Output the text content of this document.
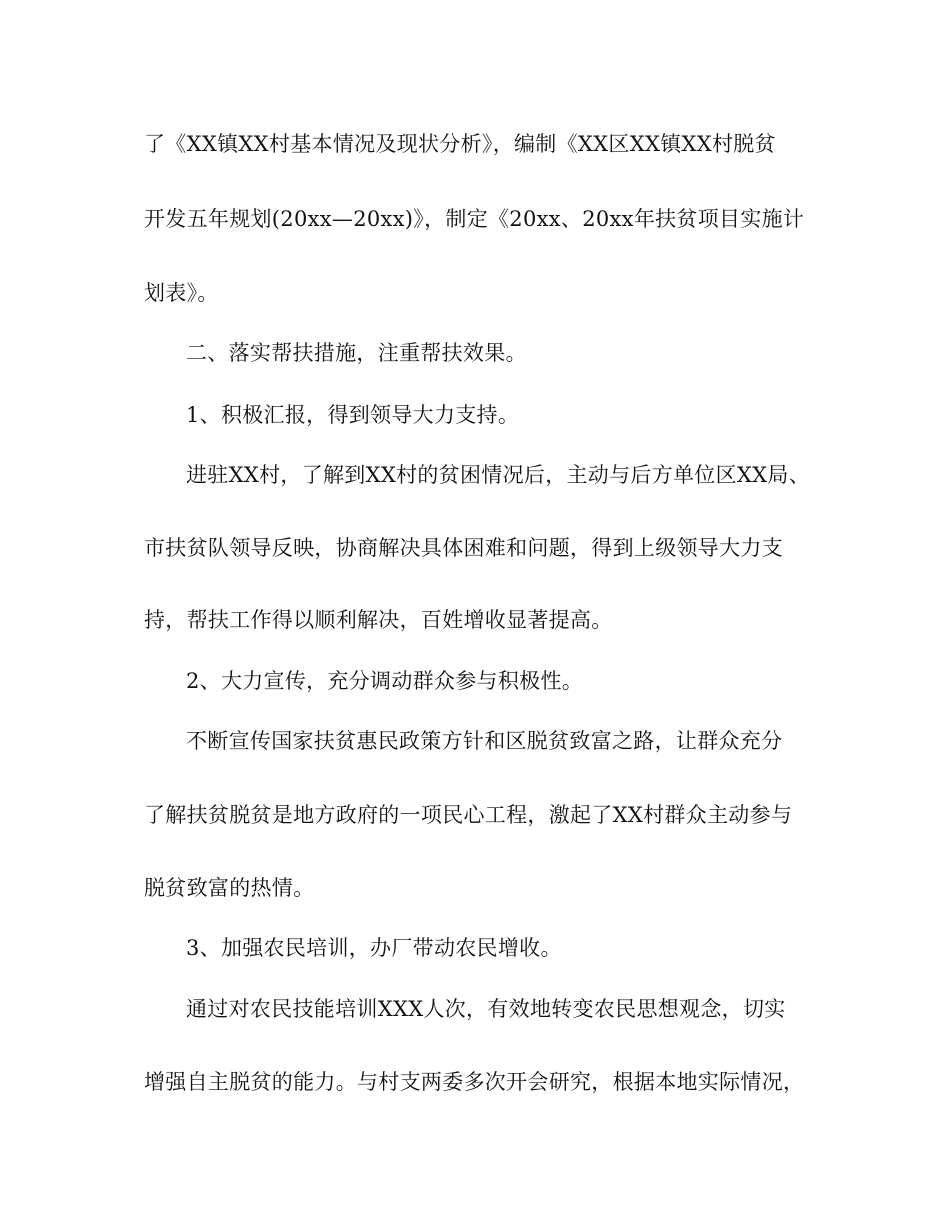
了《XX镇XX村基本情况及现状分析》，编制《XX区XX镇XX村脱贫
开发五年规划(20xx—20xx)》，制定《20xx、20xx年扶贫项目实施计
划表》。
二、落实帮扶措施，注重帮扶效果。
1、积极汇报，得到领导大力支持。
进驻XX村，了解到XX村的贫困情况后，主动与后方单位区XX局、
市扶贫队领导反映，协商解决具体困难和问题，得到上级领导大力支
持，帮扶工作得以顺利解决，百姓增收显著提高。
2、大力宣传，充分调动群众参与积极性。
不断宣传国家扶贫惠民政策方针和区脱贫致富之路，让群众充分
了解扶贫脱贫是地方政府的一项民心工程，激起了XX村群众主动参与
脱贫致富的热情。
3、加强农民培训，办厂带动农民增收。
通过对农民技能培训XXX人次，有效地转变农民思想观念，切实
增强自主脱贫的能力。与村支两委多次开会研究，根据本地实际情况，
